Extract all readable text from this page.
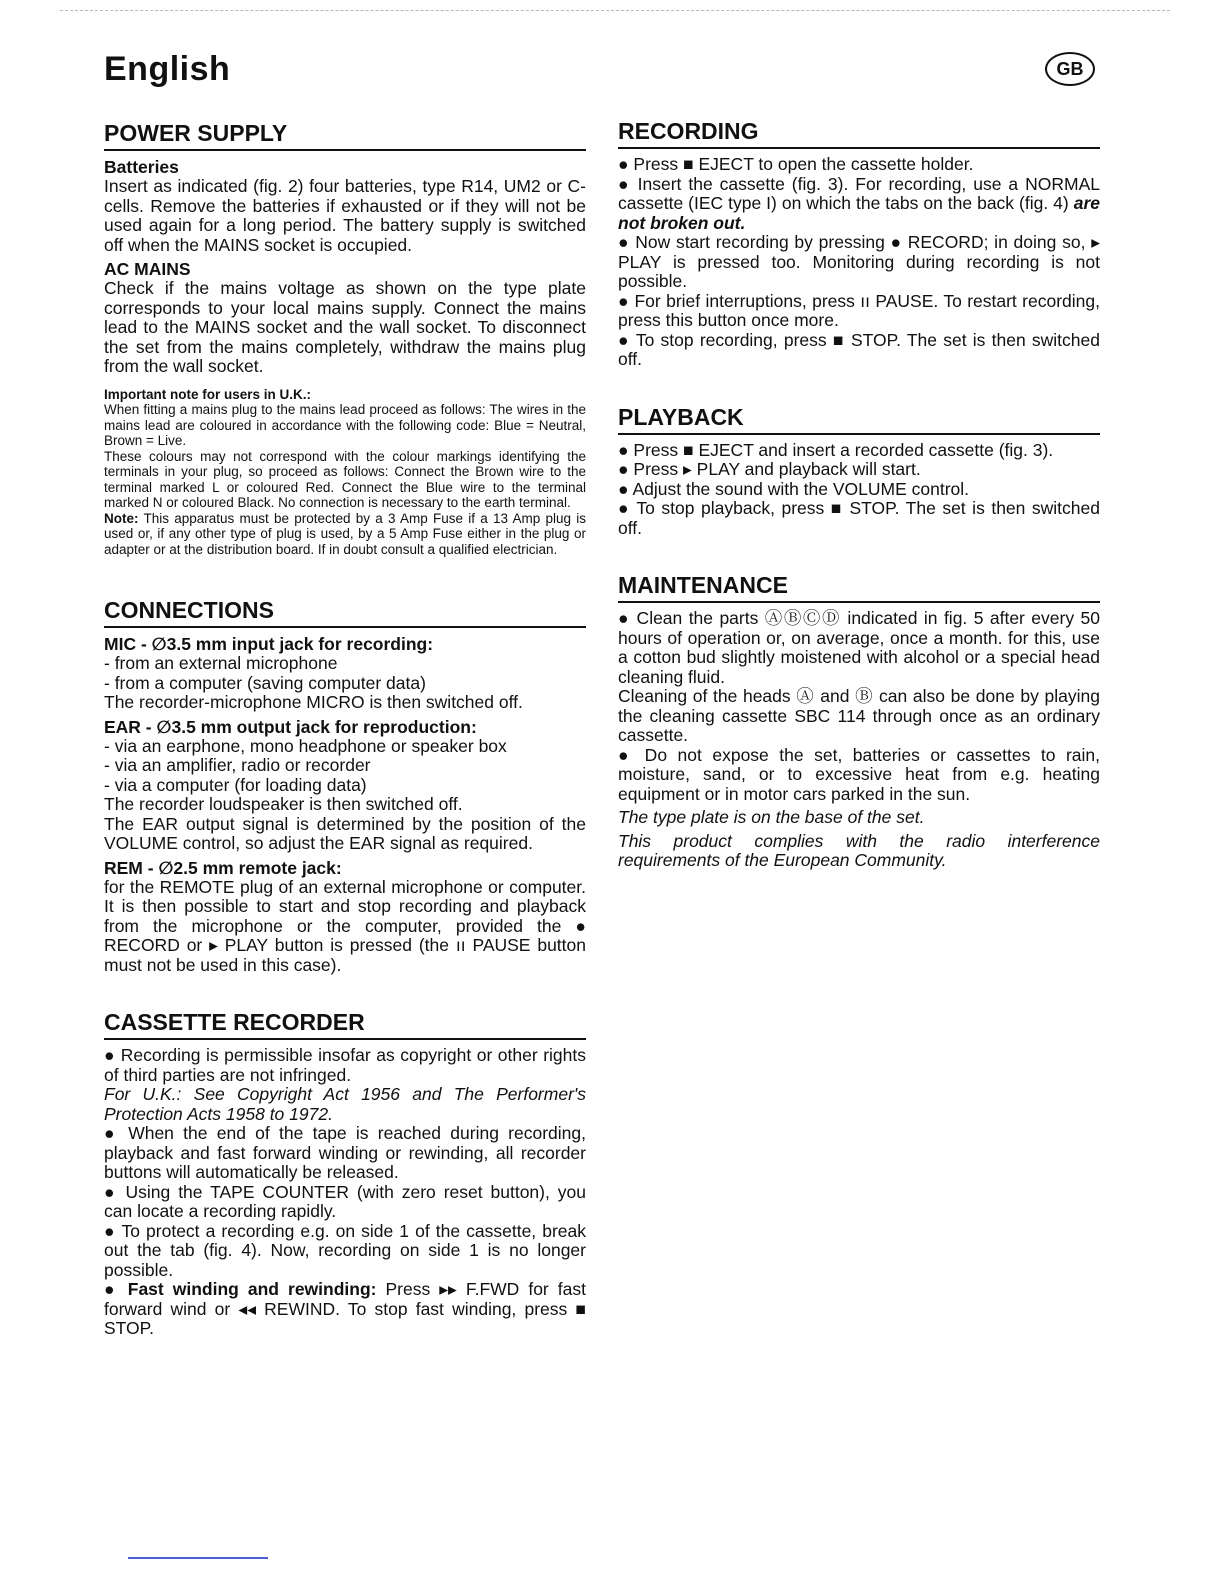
English	GB
POWER SUPPLY
Batteries

Insert as indicated (fig. 2) four batteries, type R14, UM2 or C-cells. Remove the batteries if exhausted or if they will not be used again for a long period. The battery supply is switched off when the MAINS socket is occupied.

AC MAINS

Check if the mains voltage as shown on the type plate corresponds to your local mains supply. Connect the mains lead to the MAINS socket and the wall socket. To disconnect the set from the mains completely, withdraw the mains plug from the wall socket.

Important note for users in U.K.:

When fitting a mains plug to the mains lead proceed as follows: The wires in the mains lead are coloured in accordance with the following code: Blue = Neutral, Brown = Live.

These colours may not correspond with the colour markings identifying the terminals in your plug, so proceed as follows: Connect the Brown wire to the terminal marked L or coloured Red. Connect the Blue wire to the terminal marked N or coloured Black. No connection is necessary to the earth terminal.

Note: This apparatus must be protected by a 3 Amp Fuse if a 13 Amp plug is used or, if any other type of plug is used, by a 5 Amp Fuse either in the plug or adapter or at the distribution board. If in doubt consult a qualified electrician.

CONNECTIONS
MIC - ∅3.5 mm input jack for recording:

- from an external microphone

- from a computer (saving computer data)

The recorder-microphone MICRO is then switched off.

EAR - ∅3.5 mm output jack for reproduction:

- via an earphone, mono headphone or speaker box

- via an amplifier, radio or recorder

- via a computer (for loading data)

The recorder loudspeaker is then switched off.

The EAR output signal is determined by the position of the VOLUME control, so adjust the EAR signal as required.

REM - ∅2.5 mm remote jack:

for the REMOTE plug of an external microphone or computer. It is then possible to start and stop recording and playback from the microphone or the computer, provided the ● RECORD or ▸ PLAY button is pressed (the ıı PAUSE button must not be used in this case).

CASSETTE RECORDER

● Recording is permissible insofar as copyright or other rights of third parties are not infringed.

For U.K.: See Copyright Act 1956 and The Performer's Protection Acts 1958 to 1972.

● When the end of the tape is reached during recording, playback and fast forward winding or rewinding, all recorder buttons will automatically be released.

● Using the TAPE COUNTER (with zero reset button), you can locate a recording rapidly.

● To protect a recording e.g. on side 1 of the cassette, break out the tab (fig. 4). Now, recording on side 1 is no longer possible.

● Fast winding and rewinding: Press ▸▸ F.FWD for fast forward wind or ◂◂ REWIND. To stop fast winding, press ■ STOP.

RECORDING

● Press ■ EJECT to open the cassette holder.

● Insert the cassette (fig. 3). For recording, use a NORMAL cassette (IEC type I) on which the tabs on the back (fig. 4) are not broken out.

● Now start recording by pressing ● RECORD; in doing so, ▸ PLAY is pressed too. Monitoring during recording is not possible.

● For brief interruptions, press ıı PAUSE. To restart recording, press this button once more.

● To stop recording, press ■ STOP. The set is then switched off.

PLAYBACK

● Press ■ EJECT and insert a recorded cassette (fig. 3).

● Press ▸ PLAY and playback will start.

● Adjust the sound with the VOLUME control.

● To stop playback, press ■ STOP. The set is then switched off.

MAINTENANCE

● Clean the parts ⒶⒷⒸⒹ indicated in fig. 5 after every 50 hours of operation or, on average, once a month. for this, use a cotton bud slightly moistened with alcohol or a special head cleaning fluid.

Cleaning of the heads Ⓐ and Ⓑ can also be done by playing the cleaning cassette SBC 114 through once as an ordinary cassette.

● Do not expose the set, batteries or cassettes to rain, moisture, sand, or to excessive heat from e.g. heating equipment or in motor cars parked in the sun.

The type plate is on the base of the set.

This product complies with the radio interference requirements of the European Community.
